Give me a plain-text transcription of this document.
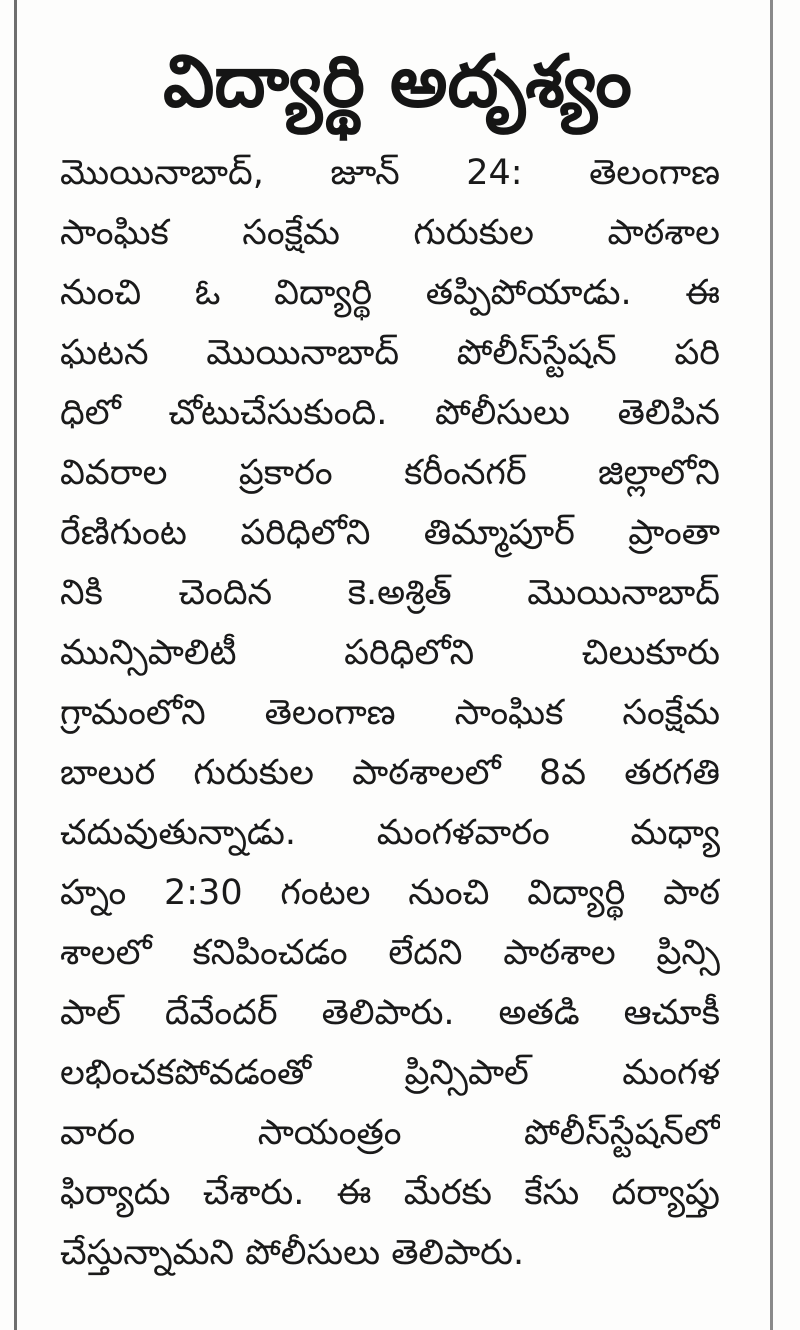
విద్యార్థి అదృశ్యం
మొయినాబాద్, జూన్ 24: తెలంగాణ
సాంఘిక సంక్షేమ గురుకుల పాఠశాల
నుంచి ఓ విద్యార్థి తప్పిపోయాడు. ఈ
ఘటన మొయినాబాద్ పోలీస్‌స్టేషన్ పరి
ధిలో చోటుచేసుకుంది. పోలీసులు తెలిపిన
వివరాల ప్రకారం కరీంనగర్ జిల్లాలోని
రేణిగుంట పరిధిలోని తిమ్మాపూర్ ప్రాంతా
నికి చెందిన కె.అశ్రిత్ మొయినాబాద్
మున్సిపాలిటీ పరిధిలోని చిలుకూరు
గ్రామంలోని తెలంగాణ సాంఘిక సంక్షేమ
బాలుర గురుకుల పాఠశాలలో 8వ తరగతి
చదువుతున్నాడు. మంగళవారం మధ్యా
హ్నం 2:30 గంటల నుంచి విద్యార్థి పాఠ
శాలలో కనిపించడం లేదని పాఠశాల ప్రిన్సి
పాల్ దేవేందర్ తెలిపారు. అతడి ఆచూకీ
లభించకపోవడంతో ప్రిన్సిపాల్ మంగళ
వారం సాయంత్రం పోలీస్‌స్టేషన్‌లో
ఫిర్యాదు చేశారు. ఈ మేరకు కేసు దర్యాప్తు
చేస్తున్నామని పోలీసులు తెలిపారు.
